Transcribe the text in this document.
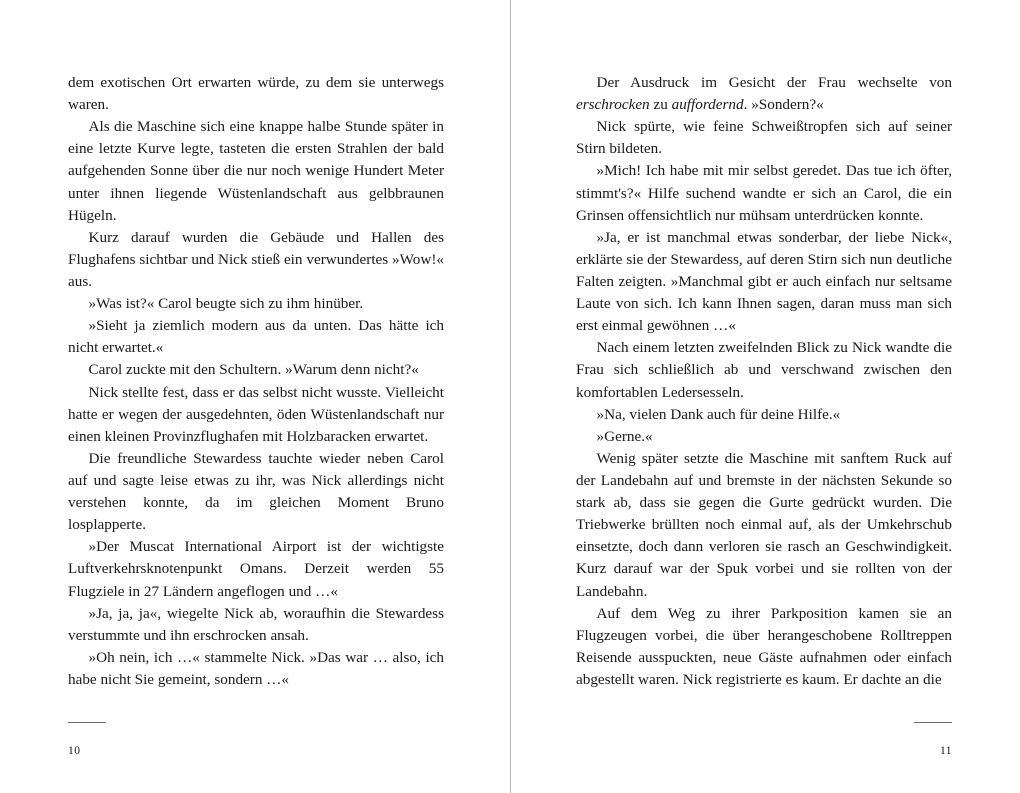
dem exotischen Ort erwarten würde, zu dem sie unterwegs waren.

Als die Maschine sich eine knappe halbe Stunde später in eine letzte Kurve legte, tasteten die ersten Strahlen der bald aufgehenden Sonne über die nur noch wenige Hundert Meter unter ihnen liegende Wüstenlandschaft aus gelbbraunen Hügeln.

Kurz darauf wurden die Gebäude und Hallen des Flughafens sichtbar und Nick stieß ein verwundertes »Wow!« aus.

»Was ist?« Carol beugte sich zu ihm hinüber.

»Sieht ja ziemlich modern aus da unten. Das hätte ich nicht erwartet.«

Carol zuckte mit den Schultern. »Warum denn nicht?«

Nick stellte fest, dass er das selbst nicht wusste. Vielleicht hatte er wegen der ausgedehnten, öden Wüstenlandschaft nur einen kleinen Provinzflughafen mit Holzbaracken erwartet.

Die freundliche Stewardess tauchte wieder neben Carol auf und sagte leise etwas zu ihr, was Nick allerdings nicht verstehen konnte, da im gleichen Moment Bruno losplapperte.

»Der Muscat International Airport ist der wichtigste Luftverkehrsknotenpunkt Omans. Derzeit werden 55 Flugziele in 27 Ländern angeflogen und …«

»Ja, ja, ja«, wiegelte Nick ab, woraufhin die Stewardess verstummte und ihn erschrocken ansah.

»Oh nein, ich …« stammelte Nick. »Das war … also, ich habe nicht Sie gemeint, sondern …«

10

Der Ausdruck im Gesicht der Frau wechselte von erschrocken zu auffordernd. »Sondern?«

Nick spürte, wie feine Schweißtropfen sich auf seiner Stirn bildeten.

»Mich! Ich habe mit mir selbst geredet. Das tue ich öfter, stimmt's?« Hilfe suchend wandte er sich an Carol, die ein Grinsen offensichtlich nur mühsam unterdrücken konnte.

»Ja, er ist manchmal etwas sonderbar, der liebe Nick«, erklärte sie der Stewardess, auf deren Stirn sich nun deutliche Falten zeigten. »Manchmal gibt er auch einfach nur seltsame Laute von sich. Ich kann Ihnen sagen, daran muss man sich erst einmal gewöhnen …«

Nach einem letzten zweifelnden Blick zu Nick wandte die Frau sich schließlich ab und verschwand zwischen den komfortablen Ledersesseln.

»Na, vielen Dank auch für deine Hilfe.«

»Gerne.«

Wenig später setzte die Maschine mit sanftem Ruck auf der Landebahn auf und bremste in der nächsten Sekunde so stark ab, dass sie gegen die Gurte gedrückt wurden. Die Triebwerke brüllten noch einmal auf, als der Umkehrschub einsetzte, doch dann verloren sie rasch an Geschwindigkeit. Kurz darauf war der Spuk vorbei und sie rollten von der Landebahn.

Auf dem Weg zu ihrer Parkposition kamen sie an Flugzeugen vorbei, die über herangeschobene Rolltreppen Reisende ausspuckten, neue Gäste aufnahmen oder einfach abgestellt waren. Nick registrierte es kaum. Er dachte an die

11
